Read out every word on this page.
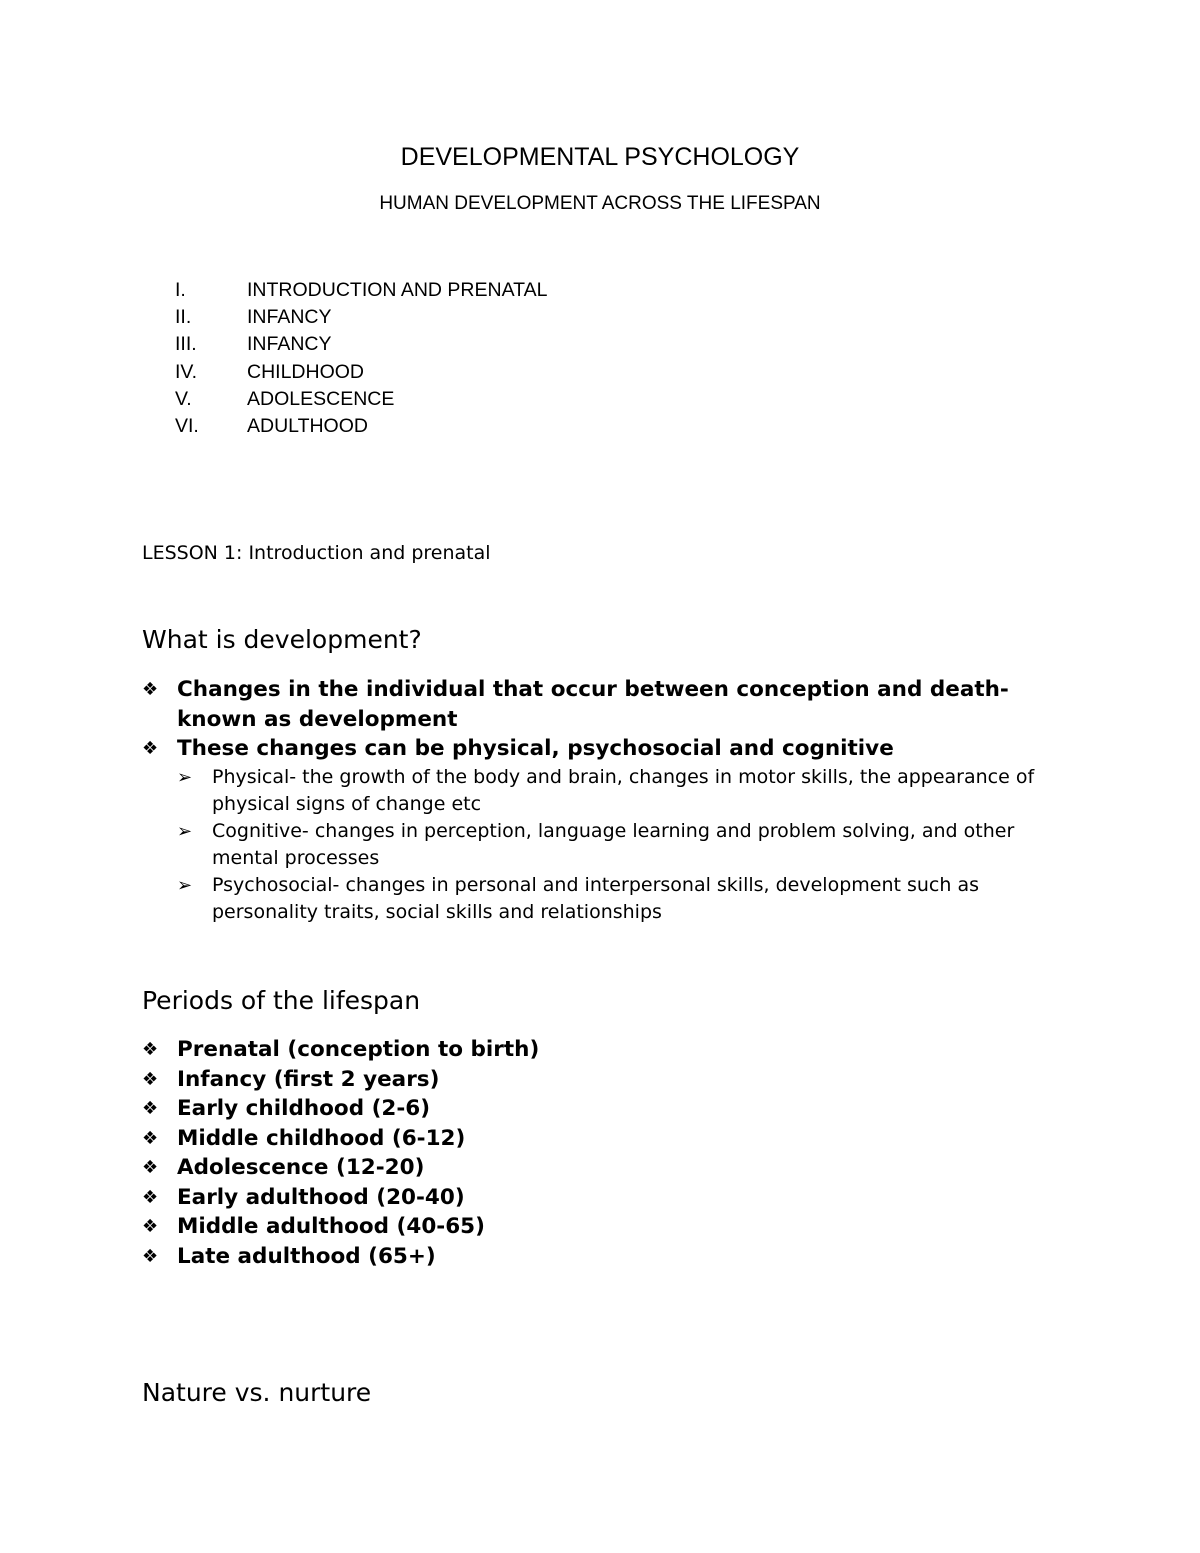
DEVELOPMENTAL PSYCHOLOGY
HUMAN DEVELOPMENT ACROSS THE LIFESPAN
I.	INTRODUCTION AND PRENATAL
II.	INFANCY
III.	INFANCY
IV.	CHILDHOOD
V.	ADOLESCENCE
VI. ADULTHOOD

LESSON 1: Introduction and prenatal

What is development?
❖ Changes in the individual that occur between conception and death- known as development
❖ These changes can be physical, psychosocial and cognitive
➢	Physical- the growth of the body and brain, changes in motor skills, the appearance of physical signs of change etc
➢	Cognitive- changes in perception, language learning and problem solving, and other mental processes
➢	Psychosocial- changes in personal and interpersonal skills, development such as personality traits, social skills and relationships
Periods of the lifespan
❖ Prenatal (conception to birth)
❖ Infancy (first 2 years)
❖ Early childhood (2-6)
❖ Middle childhood (6-12)
❖ Adolescence (12-20)
❖ Early adulthood (20-40)
❖ Middle adulthood (40-65)
❖ Late adulthood (65+)
Nature vs. nurture
